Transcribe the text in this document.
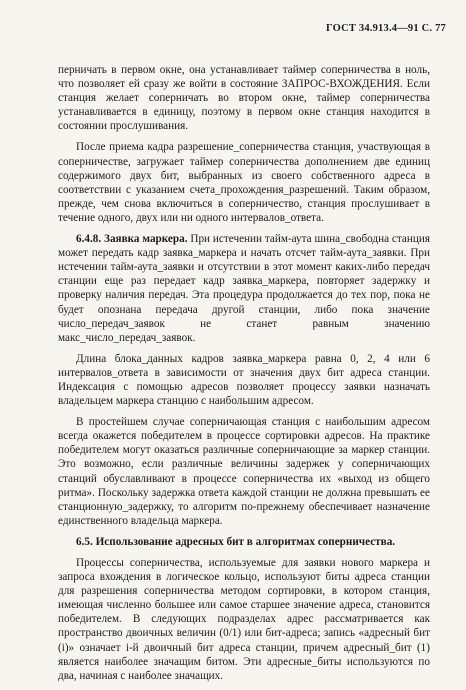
ГОСТ 34.913.4—91 С. 77

перничать в первом окне, она устанавливает таймер соперничества в ноль, что позволяет ей сразу же войти в состояние ЗАПРОС-ВХОЖДЕНИЯ. Если станция желает соперничать во втором окне, таймер соперничества устанавливается в единицу, поэтому в первом окне станция находится в состоянии прослушивания.

После приема кадра разрешение_соперничества станция, участвующая в соперничестве, загружает таймер соперничества дополнением две единиц содержимого двух бит, выбранных из своего собственного адреса в соответствии с указанием счета_прохождения_разрешений. Таким образом, прежде, чем снова включиться в соперничество, станция прослушивает в течение одного, двух или ни одного интервалов_ответа.

6.4.8. Заявка маркера. При истечении тайм-аута шина_свободна станция может передать кадр заявка_маркера и начать отсчет тайм-аута_заявки. При истечении тайм-аута_заявки и отсутствии в этот момент каких-либо передач станции еще раз передает кадр заявка_маркера, повторяет задержку и проверку наличия передач. Эта процедура продолжается до тех пор, пока не будет опознана передача другой станции, либо пока значение число_передач_заявок не станет равным значению макс_число_передач_заявок.

Длина блока_данных кадров заявка_маркера равна 0, 2, 4 или 6 интервалов_ответа в зависимости от значения двух бит адреса станции. Индексация с помощью адресов позволяет процессу заявки назначать владельцем маркера станцию с наибольшим адресом.

В простейшем случае соперничающая станция с наибольшим адресом всегда окажется победителем в процессе сортировки адресов. На практике победителем могут оказаться различные соперничающие за маркер станции. Это возможно, если различные величины задержек у соперничающих станций обуславливают в процессе соперничества их «выход из общего ритма». Поскольку задержка ответа каждой станции не должна превышать ее станционную_задержку, то алгоритм по-прежнему обеспечивает назначение единственного владельца маркера.

6.5. Использование адресных бит в алгоритмах соперничества.

Процессы соперничества, используемые для заявки нового маркера и запроса вхождения в логическое кольцо, используют биты адреса станции для разрешения соперничества методом сортировки, в котором станция, имеющая численно большее или самое старшее значение адреса, становится победителем. В следующих подразделах адрес рассматривается как пространство двоичных величин (0/1) или бит-адреса; запись «адресный бит (i)» означает i-й двоичный бит адреса станции, причем адресный_бит (1) является наиболее значащим битом. Эти адресные_биты используются по два, начиная с наиболее значащих.
